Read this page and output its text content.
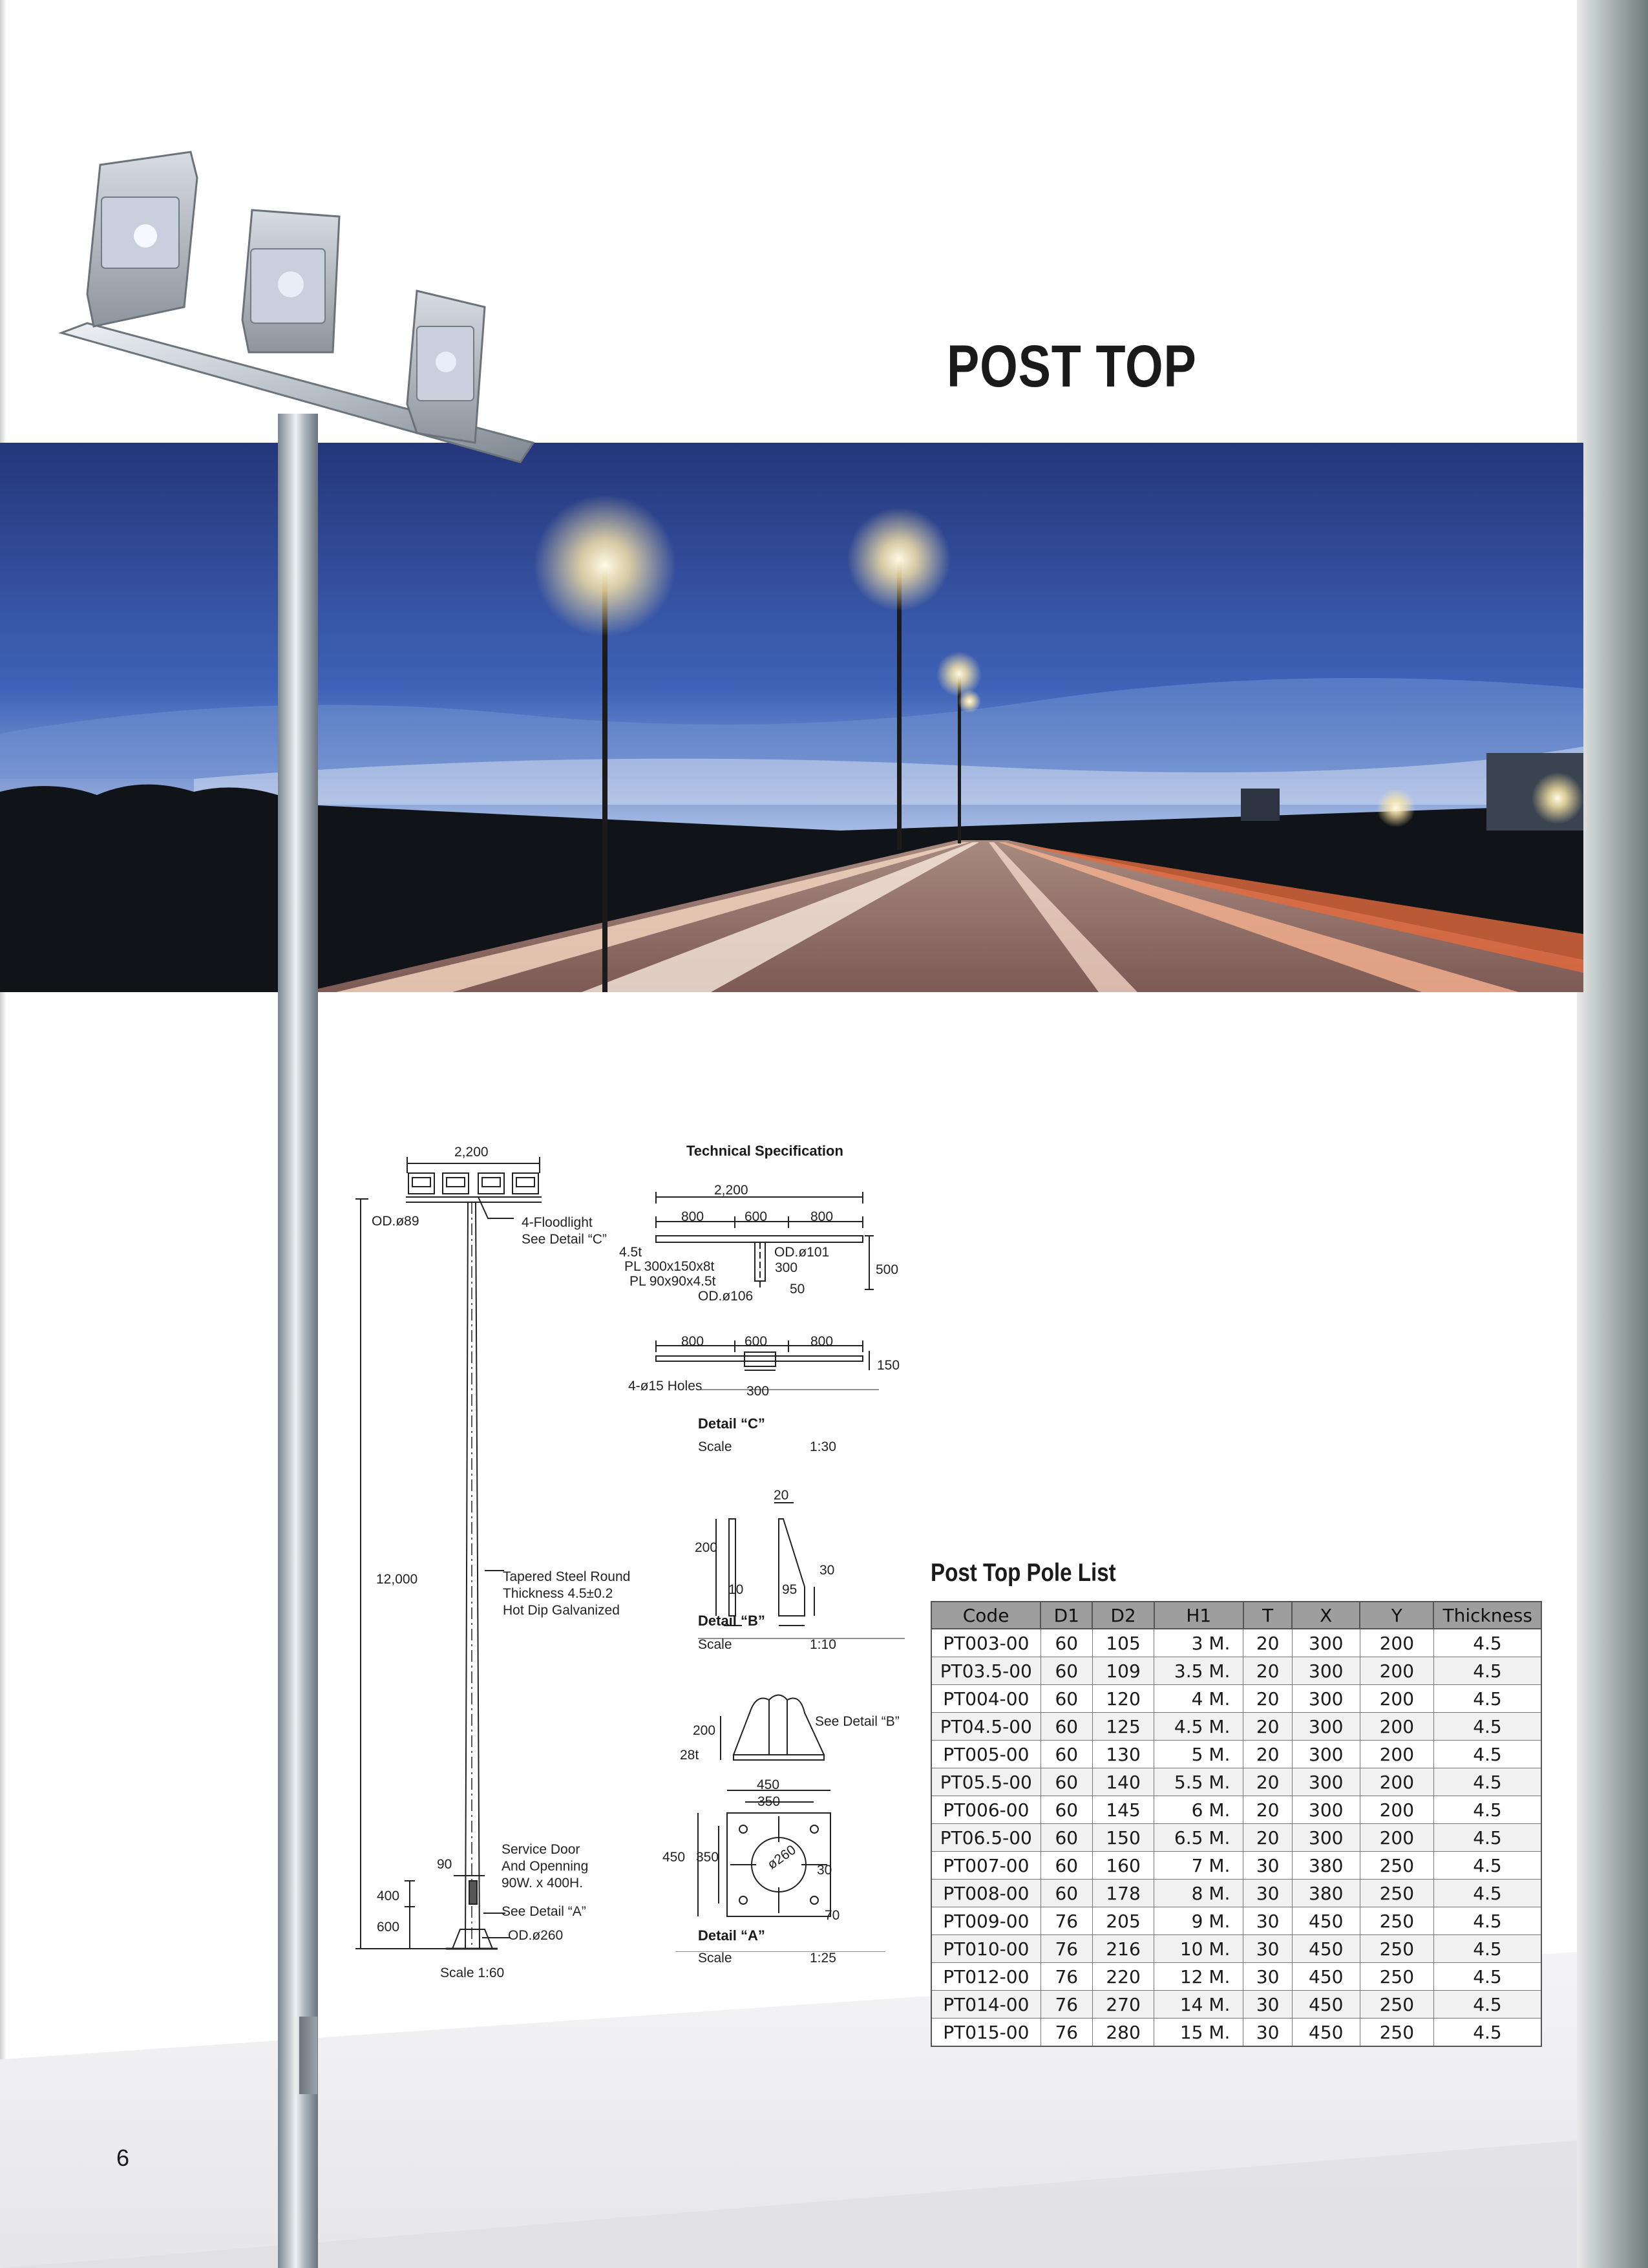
POST TOP
2,200
OD.ø89	4-Floodlight
See Detail “C”
12,000	Tapered Steel Round
Thickness 4.5±0.2
Hot Dip Galvanized
90
Service Door
And Openning
90W. x 400H.
See Detail “A”
OD.ø260
400
600
Scale 1:60
Technical Specification
2,200
800	600	800
4.5t	OD.ø101
PL 300x150x8t
PL 90x90x4.5t
OD.ø106
300
50
500
800	600	800
4-ø15 Holes	300
150
Detail “C”
Scale	1:30
20
200
10	95
30
Detail “B”
Scale	1:10
See Detail “B”
200
28t
450
350
450 350	ø260 30
70
Detail “A”
Scale	1:25
Post Top Pole List
Code	D1	D2	H1	T	X	Y	Thickness
PT003-00	60	105	3 M.	20	300	200	4.5
PT03.5-00	60	109	3.5 M.	20	300	200	4.5
PT004-00	60	120	4 M.	20	300	200	4.5
PT04.5-00	60	125	4.5 M.	20	300	200	4.5
PT005-00	60	130	5 M.	20	300	200	4.5
PT05.5-00	60	140	5.5 M.	20	300	200	4.5
PT006-00	60	145	6 M.	20	300	200	4.5
PT06.5-00	60	150	6.5 M.	20	300	200	4.5
PT007-00	60	160	7 M.	30	380	250	4.5
PT008-00	60	178	8 M.	30	380	250	4.5
PT009-00	76	205	9 M.	30	450	250	4.5
PT010-00	76	216	10 M.	30	450	250	4.5
PT012-00	76	220	12 M.	30	450	250	4.5
PT014-00	76	270	14 M.	30	450	250	4.5
PT015-00	76	280	15 M.	30	450	250	4.5
6
